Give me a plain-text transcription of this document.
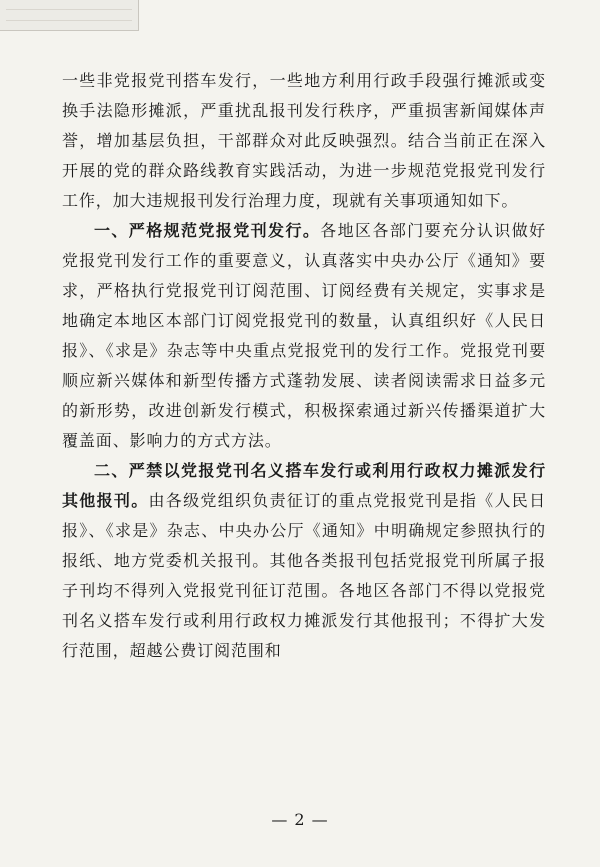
一些非党报党刊搭车发行，一些地方利用行政手段强行摊派或变换手法隐形摊派，严重扰乱报刊发行秩序，严重损害新闻媒体声誉，增加基层负担，干部群众对此反映强烈。结合当前正在深入开展的党的群众路线教育实践活动，为进一步规范党报党刊发行工作，加大违规报刊发行治理力度，现就有关事项通知如下。

一、严格规范党报党刊发行。各地区各部门要充分认识做好党报党刊发行工作的重要意义，认真落实中央办公厅《通知》要求，严格执行党报党刊订阅范围、订阅经费有关规定，实事求是地确定本地区本部门订阅党报党刊的数量，认真组织好《人民日报》、《求是》杂志等中央重点党报党刊的发行工作。党报党刊要顺应新兴媒体和新型传播方式蓬勃发展、读者阅读需求日益多元的新形势，改进创新发行模式，积极探索通过新兴传播渠道扩大覆盖面、影响力的方式方法。

二、严禁以党报党刊名义搭车发行或利用行政权力摊派发行其他报刊。由各级党组织负责征订的重点党报党刊是指《人民日报》、《求是》杂志、中央办公厅《通知》中明确规定参照执行的报纸、地方党委机关报刊。其他各类报刊包括党报党刊所属子报子刊均不得列入党报党刊征订范围。各地区各部门不得以党报党刊名义搭车发行或利用行政权力摊派发行其他报刊；不得扩大发行范围，超越公费订阅范围和

— 2 —
